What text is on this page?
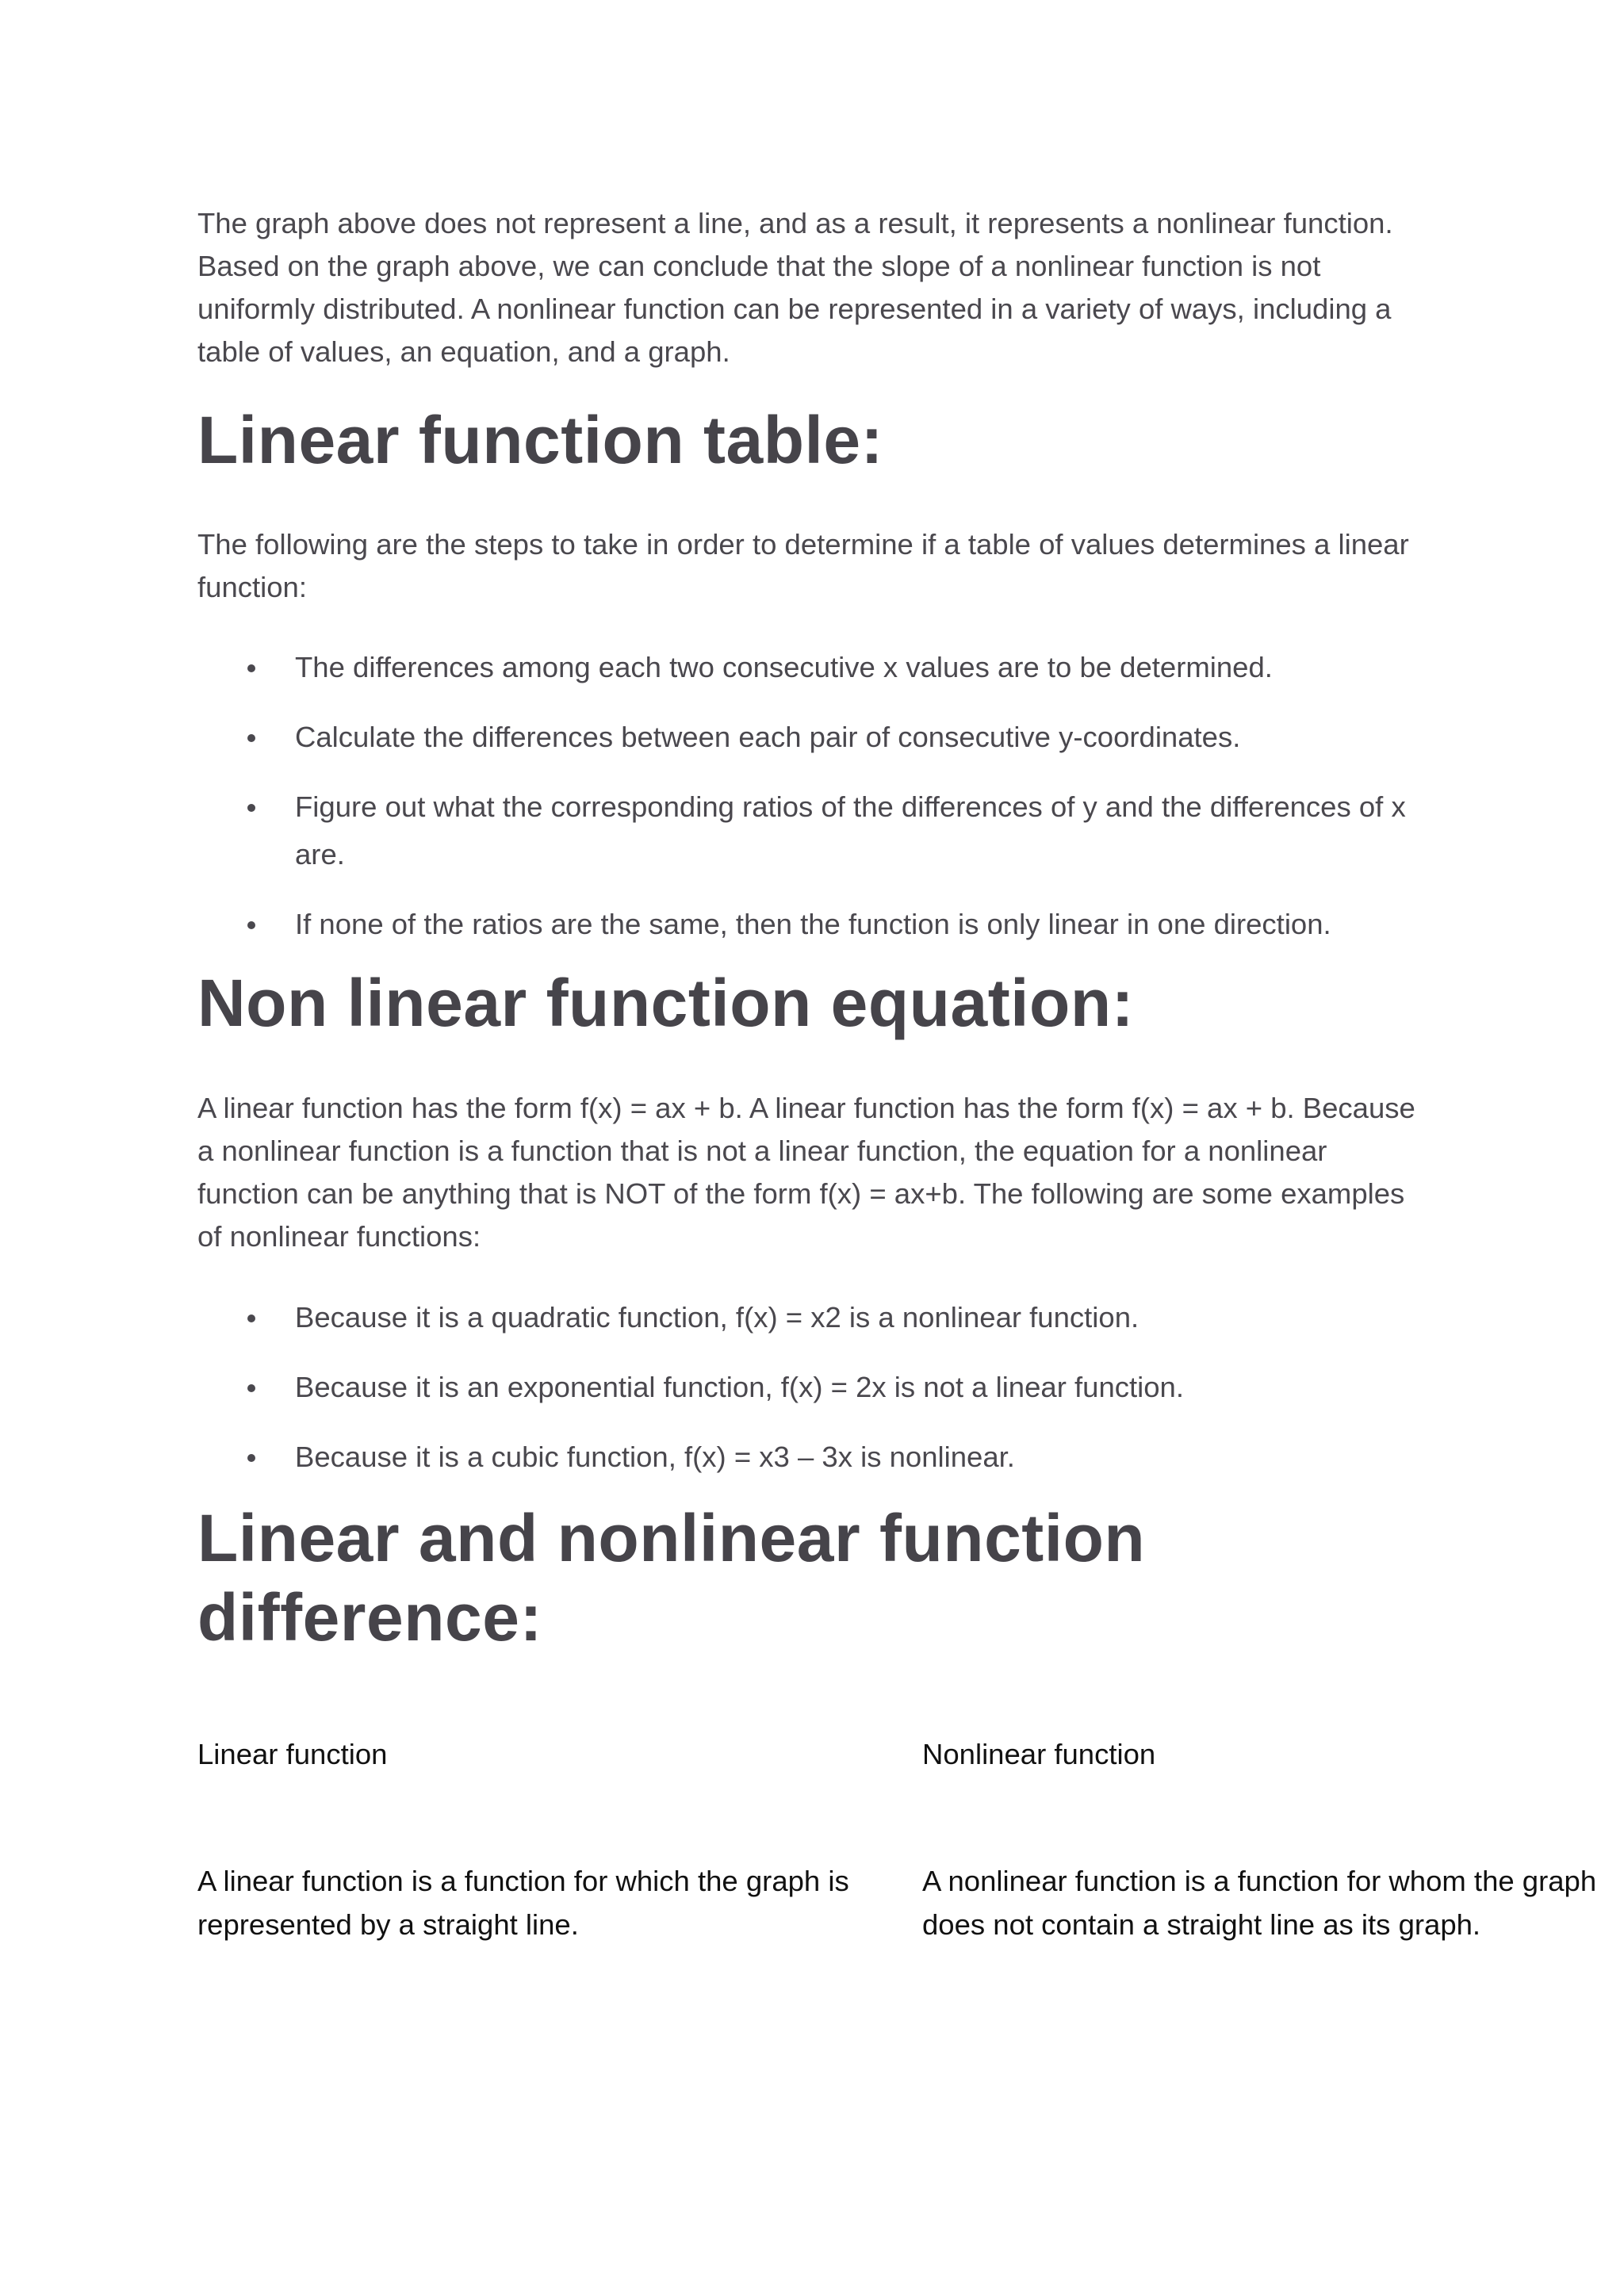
The graph above does not represent a line, and as a result, it represents a nonlinear function. Based on the graph above, we can conclude that the slope of a nonlinear function is not uniformly distributed. A nonlinear function can be represented in a variety of ways, including a table of values, an equation, and a graph.

Linear function table:

The following are the steps to take in order to determine if a table of values determines a linear function:

The differences among each two consecutive x values are to be determined.
Calculate the differences between each pair of consecutive y-coordinates.
Figure out what the corresponding ratios of the differences of y and the differences of x are.
If none of the ratios are the same, then the function is only linear in one direction.
Non linear function equation:

A linear function has the form f(x) = ax + b. A linear function has the form f(x) = ax + b. Because a nonlinear function is a function that is not a linear function, the equation for a nonlinear function can be anything that is NOT of the form f(x) = ax+b. The following are some examples of nonlinear functions:

Because it is a quadratic function, f(x) = x2 is a nonlinear function.
Because it is an exponential function, f(x) = 2x is not a linear function.
Because it is a cubic function, f(x) = x3 – 3x is nonlinear.
Linear and nonlinear function
difference:
Linear function	Nonlinear function
A linear function is a function for which the graph is represented by a straight line.
A nonlinear function is a function for whom the graph does not contain a straight line as its graph.
